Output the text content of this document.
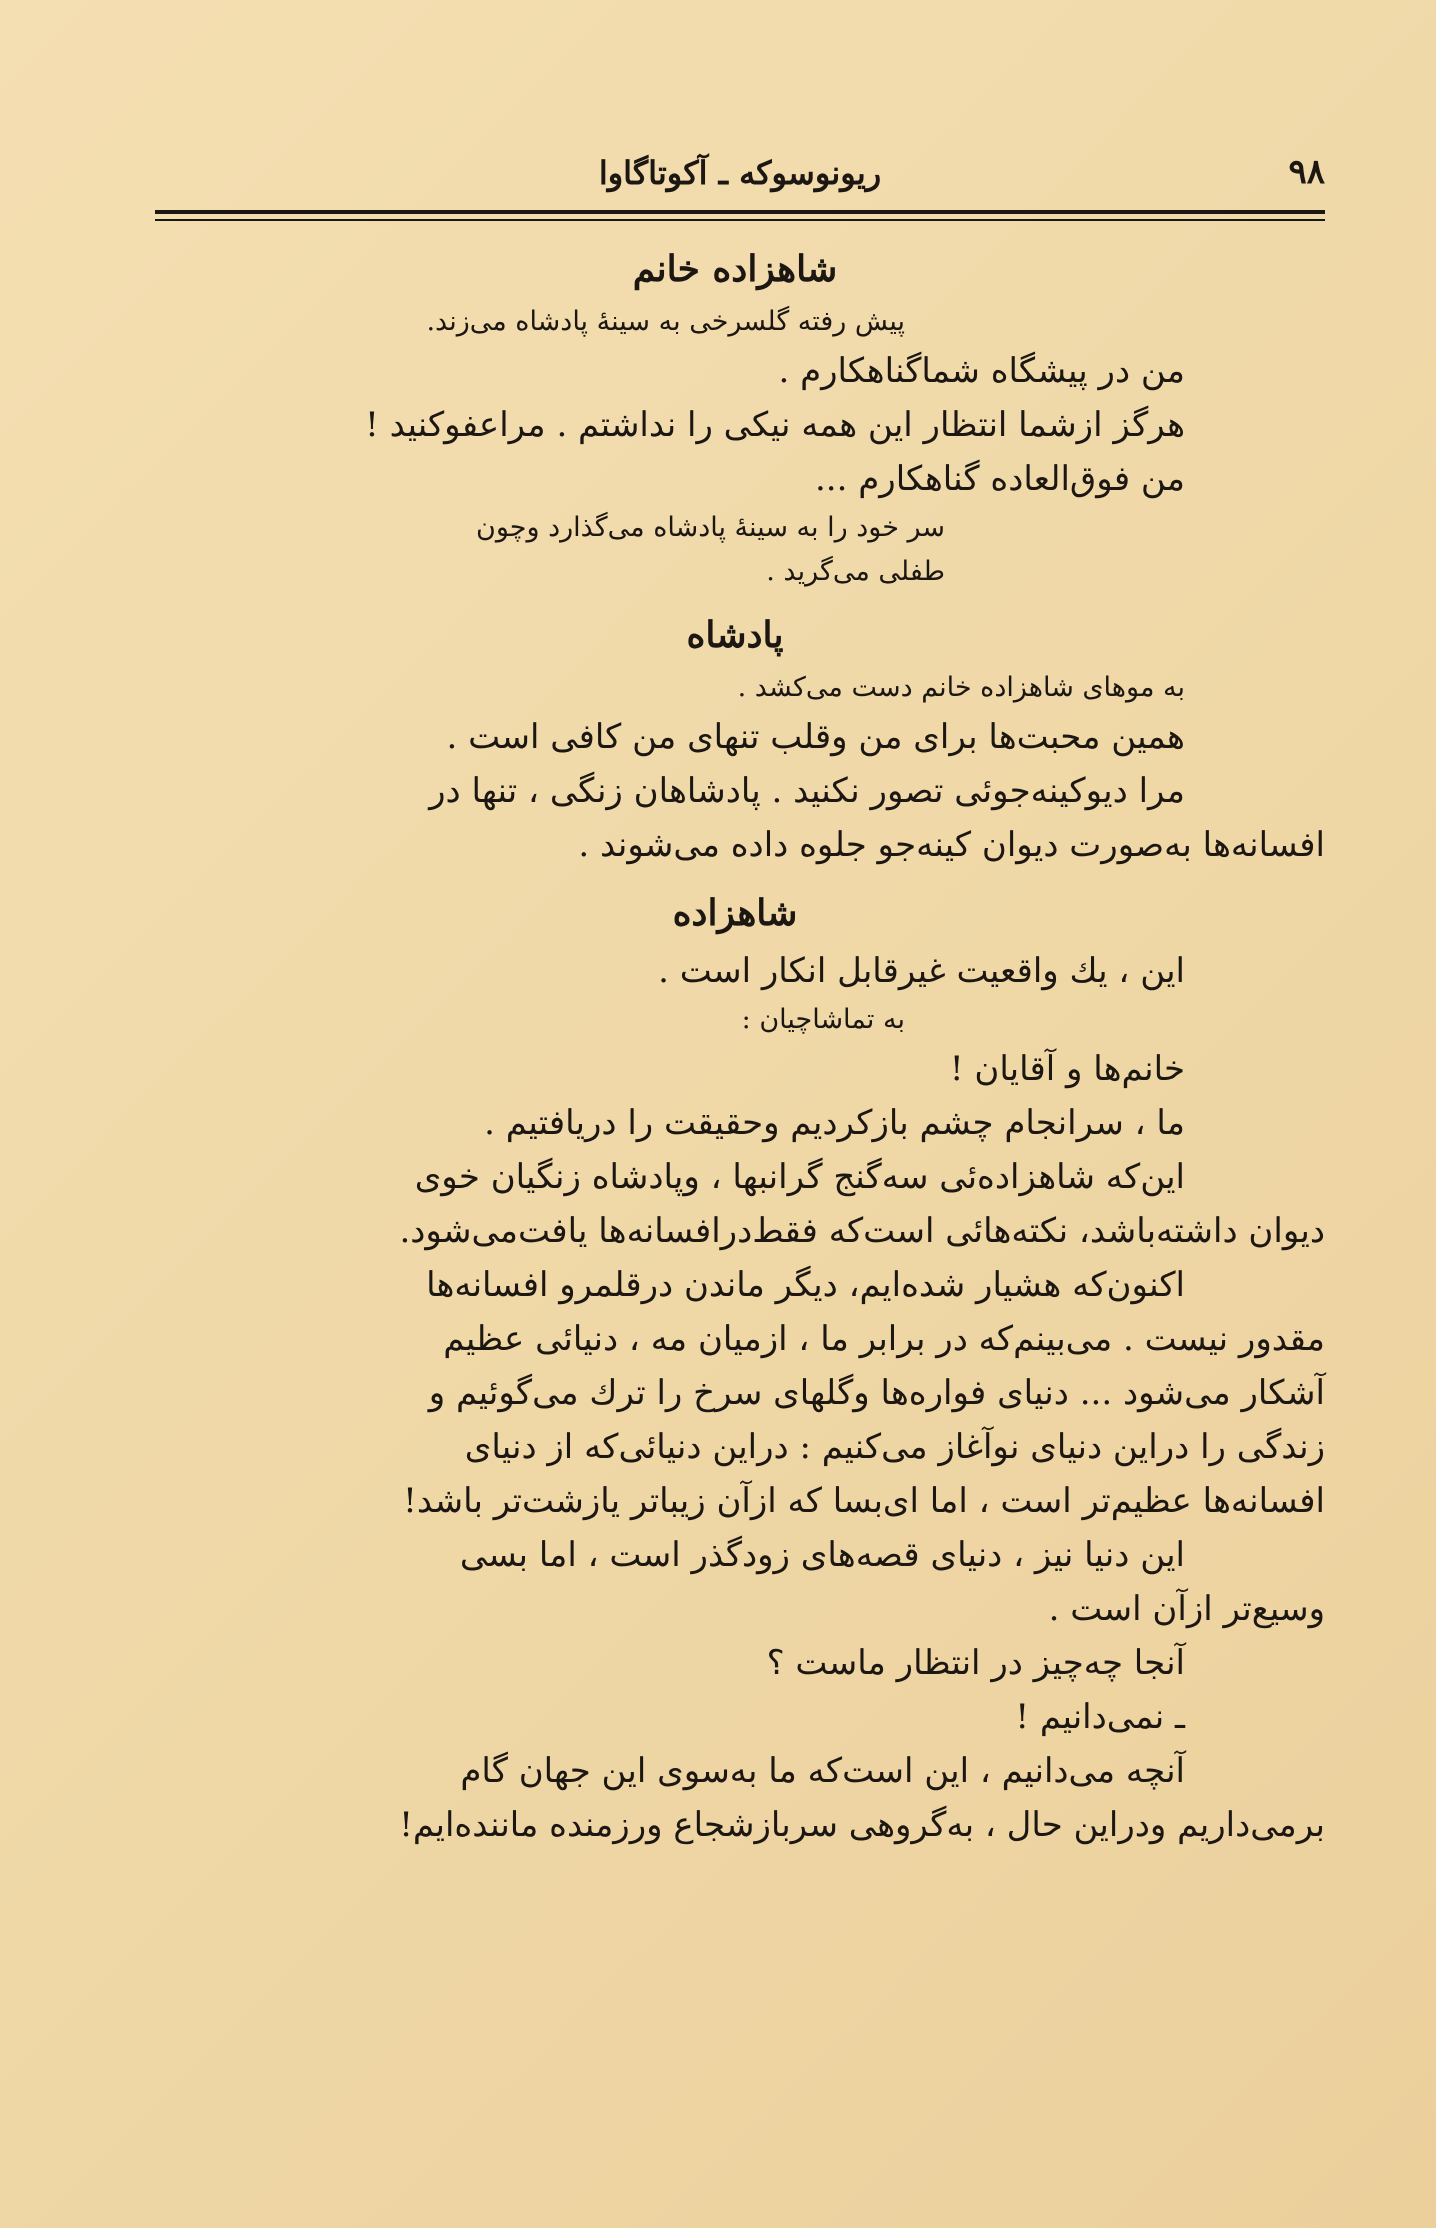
۹۸

ریونوسوکه ـ آکوتاگاوا

شاهزاده خانم

پیش رفته گلسرخی به سینهٔ پادشاه می‌زند.

من در پیشگاه شماگناهکارم .

هرگز ازشما انتظار این همه نیکی را نداشتم . مراعفوکنید !

من فوق‌العاده گناهکارم ...

سر خود را به سینهٔ پادشاه می‌گذارد وچون

طفلی می‌گرید .

پادشاه

به موهای شاهزاده خانم دست می‌کشد .

همین محبت‌ها برای من وقلب تنهای من کافی است .

مرا دیوکینه‌جوئی تصور نکنید . پادشاهان زنگی ، تنها در

افسانه‌ها به‌صورت دیوان کینه‌جو جلوه داده می‌شوند .

شاهزاده

این ، یك واقعیت غیرقابل انکار است .

به تماشاچیان :

خانم‌ها و آقایان !

ما ، سرانجام چشم بازکردیم وحقیقت را دریافتیم .

این‌که شاهزاده‌ئی سه‌گنج گرانبها ، وپادشاه زنگیان خوی

دیوان داشته‌باشد، نکته‌هائی است‌که فقط‌درافسانه‌ها یافت‌می‌شود.

اکنون‌که هشیار شده‌ایم، دیگر ماندن درقلمرو افسانه‌ها

مقدور نیست . می‌بینم‌که در برابر ما ، ازمیان مه ، دنیائی عظیم

آشکار می‌شود ... دنیای فواره‌ها وگلهای سرخ را ترك می‌گوئیم و

زندگی را دراین دنیای نوآغاز می‌کنیم : دراین دنیائی‌که از دنیای

افسانه‌ها عظیم‌تر است ، اما ای‌بسا که ازآن زیباتر یازشت‌تر باشد!

این دنیا نیز ، دنیای قصه‌های زودگذر است ، اما بسی

وسیع‌تر ازآن است .

آنجا چه‌چیز در انتظار ماست ؟

ـ نمی‌دانیم !

آنچه می‌دانیم ، این است‌که ما به‌سوی این جهان گام

برمی‌داریم ودراین حال ، به‌گروهی سربازشجاع ورزمنده مانند‌ه‌ایم!
